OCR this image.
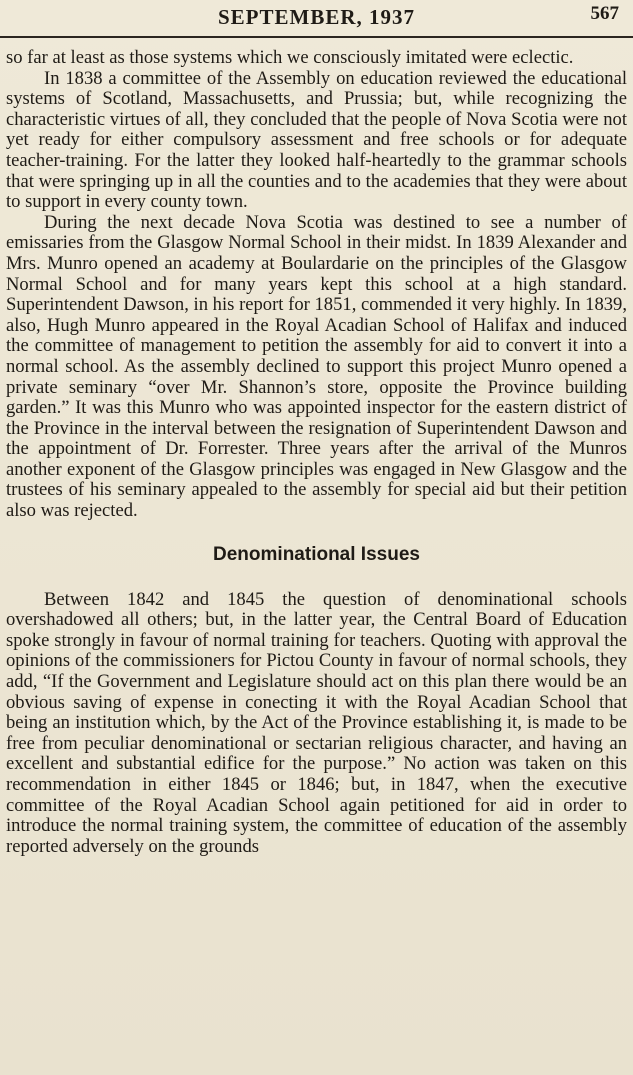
SEPTEMBER, 1937	567

so far at least as those systems which we consciously imitated were eclectic.

In 1838 a committee of the Assembly on education reviewed the educational systems of Scotland, Massachusetts, and Prussia; but, while recognizing the characteristic virtues of all, they concluded that the people of Nova Scotia were not yet ready for either compulsory assessment and free schools or for adequate teacher-training. For the latter they looked half-heartedly to the grammar schools that were springing up in all the counties and to the academies that they were about to support in every county town.

During the next decade Nova Scotia was destined to see a number of emissaries from the Glasgow Normal School in their midst. In 1839 Alexander and Mrs. Munro opened an academy at Boulardarie on the principles of the Glasgow Normal School and for many years kept this school at a high standard. Superintendent Dawson, in his report for 1851, commended it very highly. In 1839, also, Hugh Munro appeared in the Royal Acadian School of Halifax and induced the committee of management to petition the assembly for aid to convert it into a normal school. As the assembly declined to support this project Munro opened a private seminary “over Mr. Shannon’s store, opposite the Province building garden.” It was this Munro who was appointed inspector for the eastern district of the Province in the interval between the resignation of Superintendent Dawson and the appointment of Dr. Forrester. Three years after the arrival of the Munros another exponent of the Glasgow principles was engaged in New Glasgow and the trustees of his seminary appealed to the assembly for special aid but their petition also was rejected.

Denominational Issues

Between 1842 and 1845 the question of denominational schools overshadowed all others; but, in the latter year, the Central Board of Education spoke strongly in favour of normal training for teachers. Quoting with approval the opinions of the commissioners for Pictou County in favour of normal schools, they add, “If the Government and Legislature should act on this plan there would be an obvious saving of expense in conecting it with the Royal Acadian School that being an institution which, by the Act of the Province establishing it, is made to be free from peculiar denominational or sectarian religious character, and having an excellent and substantial edifice for the purpose.” No action was taken on this recommendation in either 1845 or 1846; but, in 1847, when the executive committee of the Royal Acadian School again petitioned for aid in order to introduce the normal training system, the committee of education of the assembly reported adversely on the grounds
